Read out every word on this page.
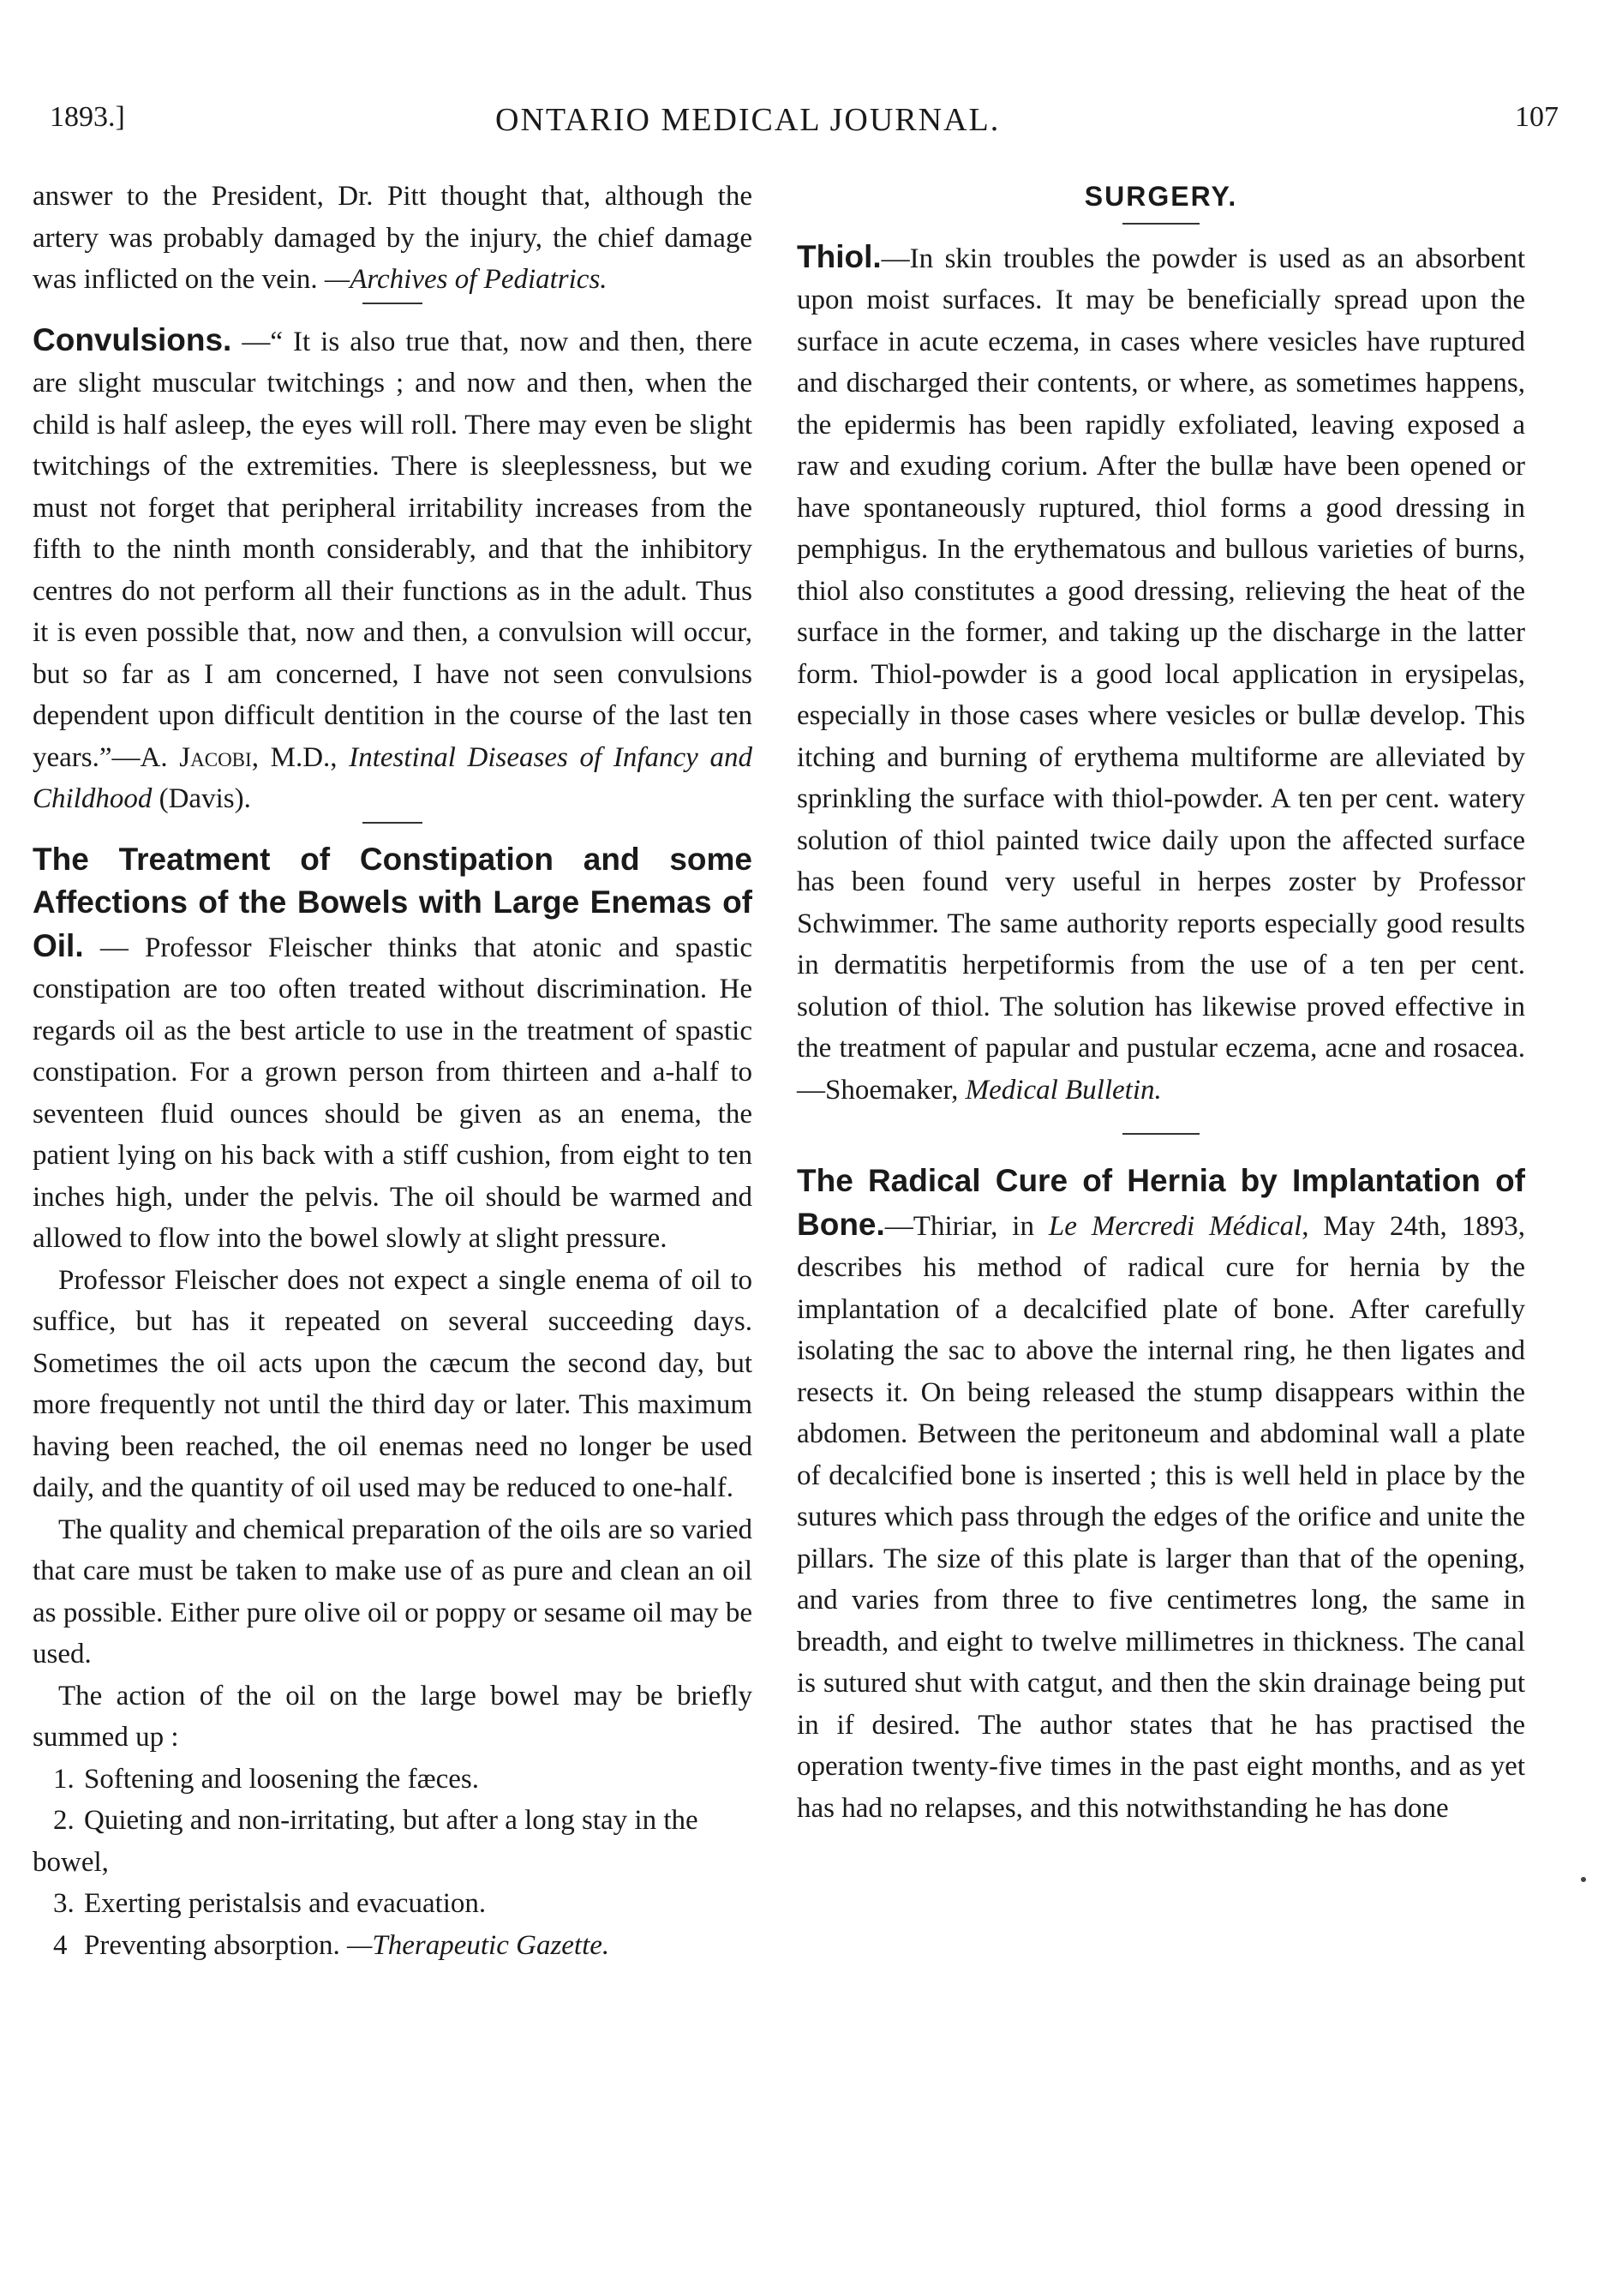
1893.]	ONTARIO MEDICAL JOURNAL.	107

answer to the President, Dr. Pitt thought that, although the artery was probably damaged by the injury, the chief damage was inflicted on the vein. —Archives of Pediatrics.

Convulsions. —“ It is also true that, now and then, there are slight muscular twitchings ; and now and then, when the child is half asleep, the eyes will roll. There may even be slight twitchings of the extremities. There is sleeplessness, but we must not forget that peripheral irritability increases from the fifth to the ninth month considerably, and that the inhibitory centres do not perform all their functions as in the adult. Thus it is even possible that, now and then, a convulsion will occur, but so far as I am concerned, I have not seen convulsions dependent upon difficult dentition in the course of the last ten years.”—A. Jacobi, M.D., Intestinal Diseases of Infancy and Childhood (Davis).

The Treatment of Constipation and some Affections of the Bowels with Large Enemas of Oil. — Professor Fleischer thinks that atonic and spastic constipation are too often treated without discrimination. He regards oil as the best article to use in the treatment of spastic constipation. For a grown person from thirteen and a-half to seventeen fluid ounces should be given as an enema, the patient lying on his back with a stiff cushion, from eight to ten inches high, under the pelvis. The oil should be warmed and allowed to flow into the bowel slowly at slight pressure.

Professor Fleischer does not expect a single enema of oil to suffice, but has it repeated on several succeeding days. Sometimes the oil acts upon the cæcum the second day, but more frequently not until the third day or later. This maximum having been reached, the oil enemas need no longer be used daily, and the quantity of oil used may be reduced to one-half.

The quality and chemical preparation of the oils are so varied that care must be taken to make use of as pure and clean an oil as possible. Either pure olive oil or poppy or sesame oil may be used.

The action of the oil on the large bowel may be briefly summed up :

1. Softening and loosening the fæces.

2. Quieting and non-irritating, but after a long stay in the bowel,

3. Exerting peristalsis and evacuation.

4 Preventing absorption. —Therapeutic Gazette.

SURGERY.

Thiol.—In skin troubles the powder is used as an absorbent upon moist surfaces. It may be beneficially spread upon the surface in acute eczema, in cases where vesicles have ruptured and discharged their contents, or where, as sometimes happens, the epidermis has been rapidly exfoliated, leaving exposed a raw and exuding corium. After the bullæ have been opened or have spontaneously ruptured, thiol forms a good dressing in pemphigus. In the erythematous and bullous varieties of burns, thiol also constitutes a good dressing, relieving the heat of the surface in the former, and taking up the discharge in the latter form. Thiol-powder is a good local application in erysipelas, especially in those cases where vesicles or bullæ develop. This itching and burning of erythema multiforme are alleviated by sprinkling the surface with thiol-powder. A ten per cent. watery solution of thiol painted twice daily upon the affected surface has been found very useful in herpes zoster by Professor Schwimmer. The same authority reports especially good results in dermatitis herpetiformis from the use of a ten per cent. solution of thiol. The solution has likewise proved effective in the treatment of papular and pustular eczema, acne and rosacea.—Shoemaker, Medical Bulletin.

The Radical Cure of Hernia by Implantation of Bone.—Thiriar, in Le Mercredi Médical, May 24th, 1893, describes his method of radical cure for hernia by the implantation of a decalcified plate of bone. After carefully isolating the sac to above the internal ring, he then ligates and resects it. On being released the stump disappears within the abdomen. Between the peritoneum and abdominal wall a plate of decalcified bone is inserted ; this is well held in place by the sutures which pass through the edges of the orifice and unite the pillars. The size of this plate is larger than that of the opening, and varies from three to five centimetres long, the same in breadth, and eight to twelve millimetres in thickness. The canal is sutured shut with catgut, and then the skin drainage being put in if desired. The author states that he has practised the operation twenty-five times in the past eight months, and as yet has had no relapses, and this notwithstanding he has done
